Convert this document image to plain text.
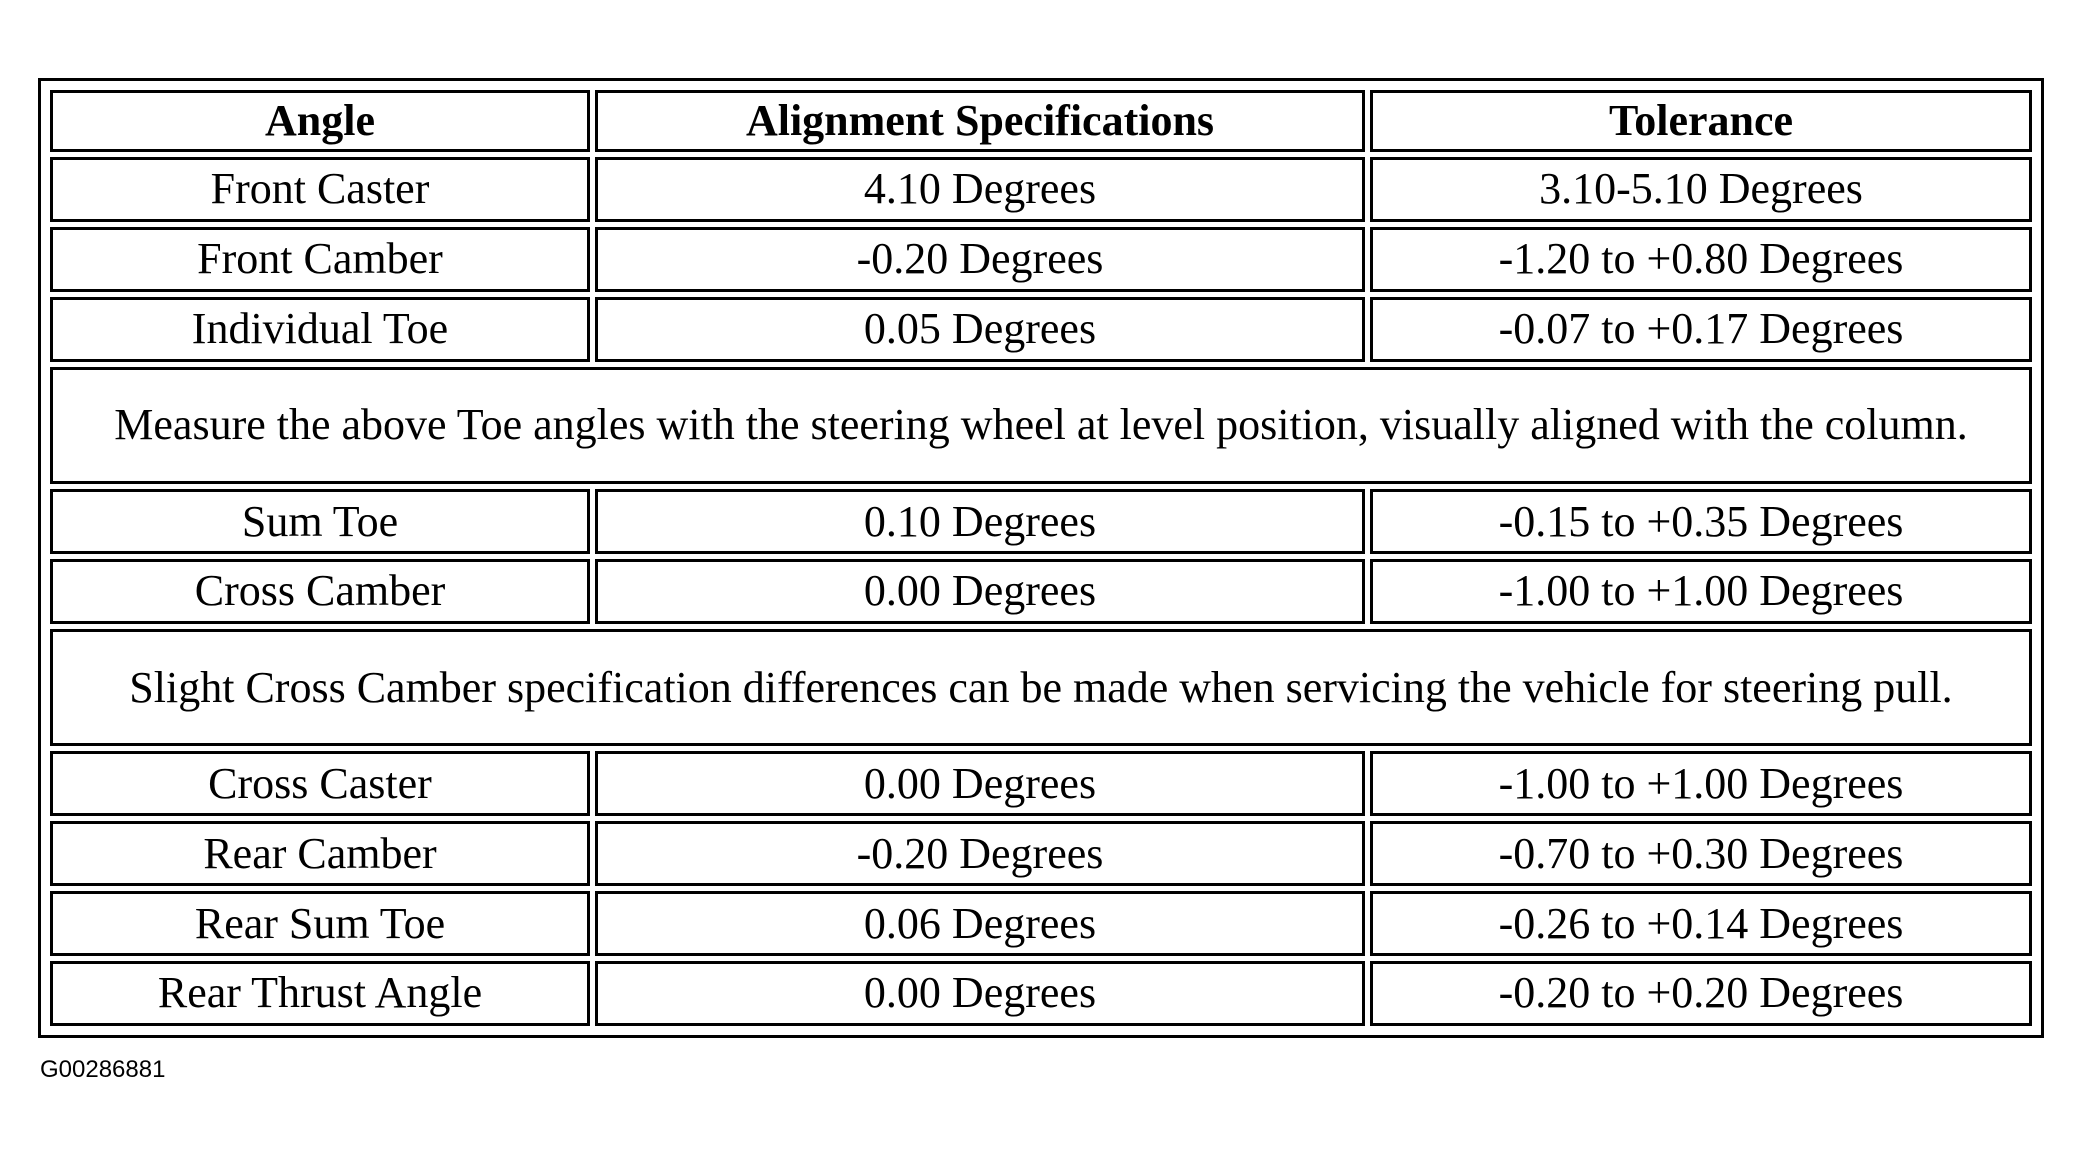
Angle	Alignment Specifications	Tolerance
Front Caster	4.10 Degrees	3.10-5.10 Degrees
Front Camber	-0.20 Degrees	-1.20 to +0.80 Degrees
Individual Toe	0.05 Degrees	-0.07 to +0.17 Degrees
Measure the above Toe angles with the steering wheel at level position, visually aligned with the column.		
Sum Toe	0.10 Degrees	-0.15 to +0.35 Degrees
Cross Camber	0.00 Degrees	-1.00 to +1.00 Degrees
Slight Cross Camber specification differences can be made when servicing the vehicle for steering pull.		
Cross Caster	0.00 Degrees	-1.00 to +1.00 Degrees
Rear Camber	-0.20 Degrees	-0.70 to +0.30 Degrees
Rear Sum Toe	0.06 Degrees	-0.26 to +0.14 Degrees
Rear Thrust Angle	0.00 Degrees	-0.20 to +0.20 Degrees
G00286881
